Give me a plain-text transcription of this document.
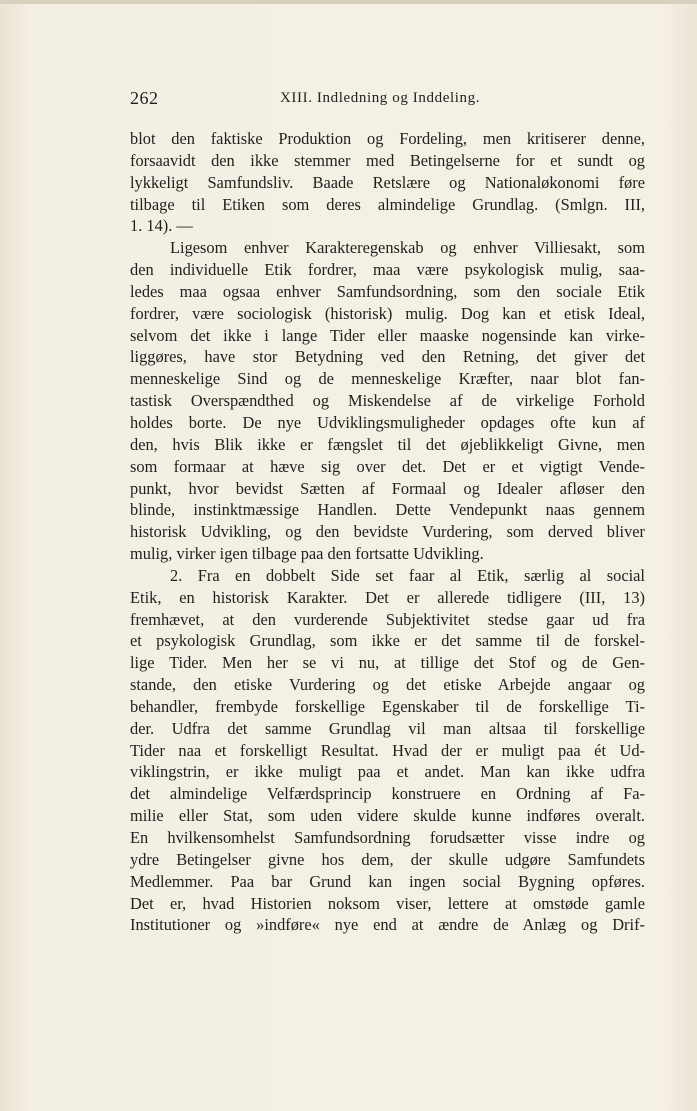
262	XIII. Indledning og Inddeling.
blot den faktiske Produktion og Fordeling, men kritiserer denne,
forsaavidt den ikke stemmer med Betingelserne for et sundt og
lykkeligt Samfundsliv. Baade Retslære og Nationaløkonomi føre
tilbage til Etiken som deres almindelige Grundlag. (Smlgn. III,
1. 14). —
Ligesom enhver Karakteregenskab og enhver Villiesakt, som
den individuelle Etik fordrer, maa være psykologisk mulig, saa-
ledes maa ogsaa enhver Samfundsordning, som den sociale Etik
fordrer, være sociologisk (historisk) mulig. Dog kan et etisk Ideal,
selvom det ikke i lange Tider eller maaske nogensinde kan virke-
liggøres, have stor Betydning ved den Retning, det giver det
menneskelige Sind og de menneskelige Kræfter, naar blot fan-
tastisk Overspændthed og Miskendelse af de virkelige Forhold
holdes borte. De nye Udviklingsmuligheder opdages ofte kun af
den, hvis Blik ikke er fængslet til det øjeblikkeligt Givne, men
som formaar at hæve sig over det. Det er et vigtigt Vende-
punkt, hvor bevidst Sætten af Formaal og Idealer afløser den
blinde, instinktmæssige Handlen. Dette Vendepunkt naas gennem
historisk Udvikling, og den bevidste Vurdering, som derved bliver
mulig, virker igen tilbage paa den fortsatte Udvikling.
2. Fra en dobbelt Side set faar al Etik, særlig al social
Etik, en historisk Karakter. Det er allerede tidligere (III, 13)
fremhævet, at den vurderende Subjektivitet stedse gaar ud fra
et psykologisk Grundlag, som ikke er det samme til de forskel-
lige Tider. Men her se vi nu, at tillige det Stof og de Gen-
stande, den etiske Vurdering og det etiske Arbejde angaar og
behandler, frembyde forskellige Egenskaber til de forskellige Ti-
der. Udfra det samme Grundlag vil man altsaa til forskellige
Tider naa et forskelligt Resultat. Hvad der er muligt paa ét Ud-
viklingstrin, er ikke muligt paa et andet. Man kan ikke udfra
det almindelige Velfærdsprincip konstruere en Ordning af Fa-
milie eller Stat, som uden videre skulde kunne indføres overalt.
En hvilkensomhelst Samfundsordning forudsætter visse indre og
ydre Betingelser givne hos dem, der skulle udgøre Samfundets
Medlemmer. Paa bar Grund kan ingen social Bygning opføres.
Det er, hvad Historien noksom viser, lettere at omstøde gamle
Institutioner og »indføre« nye end at ændre de Anlæg og Drif-
